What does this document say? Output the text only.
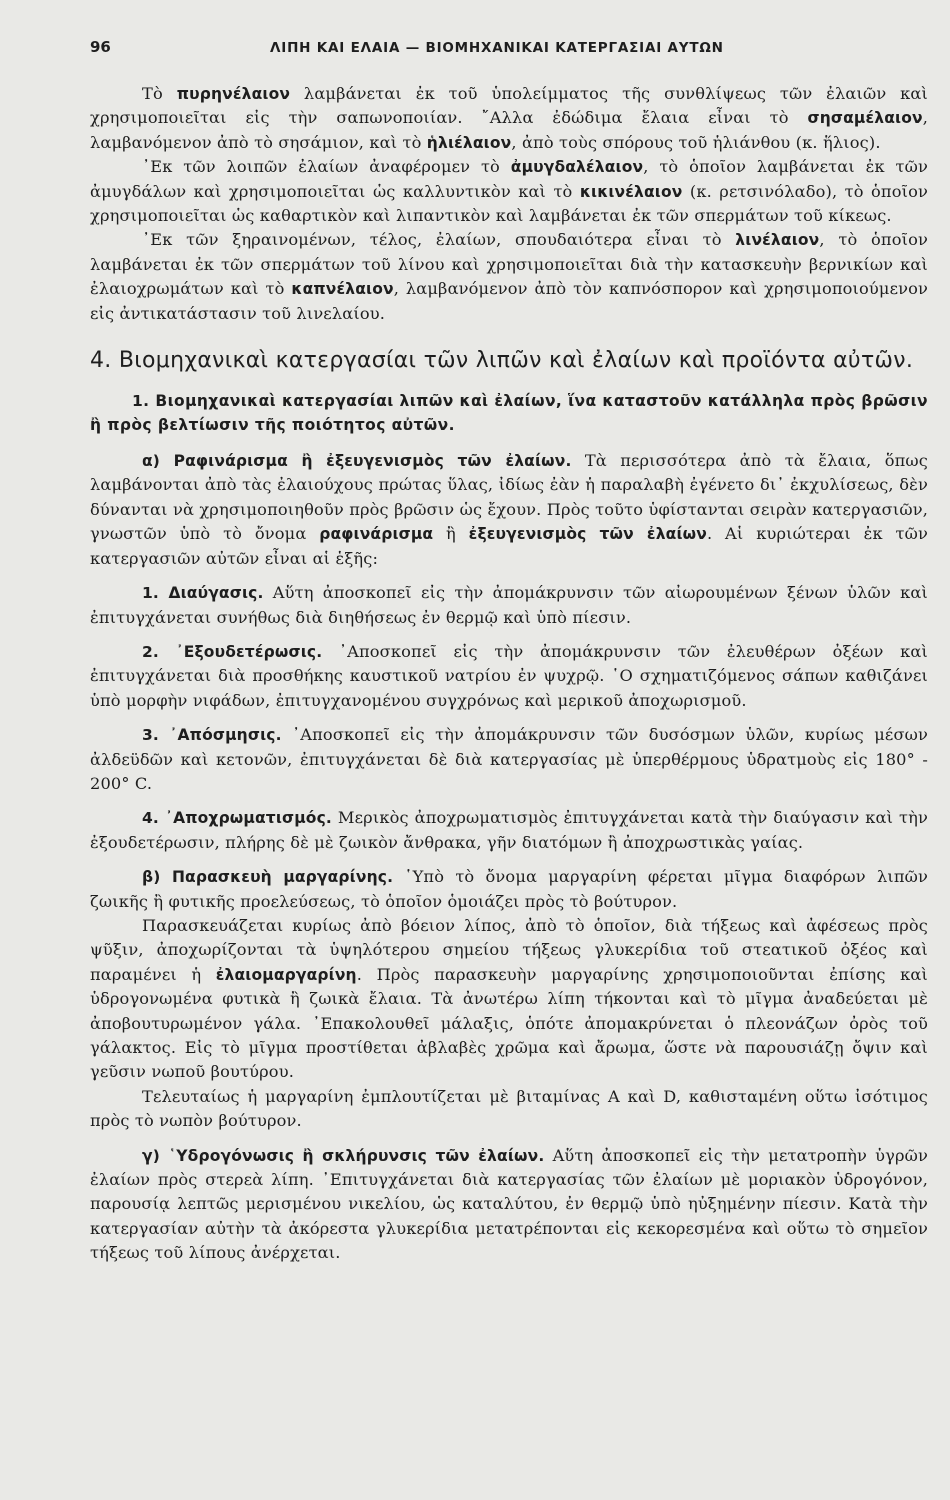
96	ΛΙΠΗ ΚΑΙ ΕΛΑΙΑ — ΒΙΟΜΗΧΑΝΙΚΑΙ ΚΑΤΕΡΓΑΣΙΑΙ ΑΥΤΩΝ

Τὸ πυρηνέλαιον λαμβάνεται ἐκ τοῦ ὑπολείμματος τῆς συνθλίψεως τῶν ἐλαιῶν καὶ χρησιμοποιεῖται εἰς τὴν σαπωνοποιίαν. ῎Αλλα ἐδώδιμα ἔλαια εἶναι τὸ σησαμέλαιον, λαμβανόμενον ἀπὸ τὸ σησάμιον, καὶ τὸ ἡλιέλαιον, ἀπὸ τοὺς σπόρους τοῦ ἡλιάνθου (κ. ἥλιος).

᾿Εκ τῶν λοιπῶν ἐλαίων ἀναφέρομεν τὸ ἀμυγδαλέλαιον, τὸ ὁποῖον λαμβάνεται ἐκ τῶν ἀμυγδάλων καὶ χρησιμοποιεῖται ὡς καλλυντικὸν καὶ τὸ κικινέλαιον (κ. ρετσινόλαδο), τὸ ὁποῖον χρησιμοποιεῖται ὡς καθαρτικὸν καὶ λιπαντικὸν καὶ λαμβάνεται ἐκ τῶν σπερμάτων τοῦ κίκεως.

᾿Εκ τῶν ξηραινομένων, τέλος, ἐλαίων, σπουδαιότερα εἶναι τὸ λινέλαιον, τὸ ὁποῖον λαμβάνεται ἐκ τῶν σπερμάτων τοῦ λίνου καὶ χρησιμοποιεῖται διὰ τὴν κατασκευὴν βερνικίων καὶ ἐλαιοχρωμάτων καὶ τὸ καπνέλαιον, λαμβανόμενον ἀπὸ τὸν καπνόσπορον καὶ χρησιμοποιούμενον εἰς ἀντικατάστασιν τοῦ λινελαίου.

4. Βιομηχανικαὶ κατεργασίαι τῶν λιπῶν καὶ ἐλαίων καὶ προϊόντα αὐτῶν.
1. Βιομηχανικαὶ κατεργασίαι λιπῶν καὶ ἐλαίων, ἵνα καταστοῦν κατάλληλα πρὸς βρῶσιν ἢ πρὸς βελτίωσιν τῆς ποιότητος αὐτῶν.

α) Ραφινάρισμα ἢ ἐξευγενισμὸς τῶν ἐλαίων. Τὰ περισσότερα ἀπὸ τὰ ἔλαια, ὅπως λαμβάνονται ἀπὸ τὰς ἐλαιούχους πρώτας ὕλας, ἰδίως ἐὰν ἡ παραλαβὴ ἐγένετο δι᾿ ἐκχυλίσεως, δὲν δύνανται νὰ χρησιμοποιηθοῦν πρὸς βρῶσιν ὡς ἔχουν. Πρὸς τοῦτο ὑφίστανται σειρὰν κατεργασιῶν, γνωστῶν ὑπὸ τὸ ὄνομα ραφινάρισμα ἢ ἐξευγενισμὸς τῶν ἐλαίων. Αἱ κυριώτεραι ἐκ τῶν κατεργασιῶν αὐτῶν εἶναι αἱ ἑξῆς:

1. Διαύγασις. Αὕτη ἀποσκοπεῖ εἰς τὴν ἀπομάκρυνσιν τῶν αἰωρουμένων ξένων ὑλῶν καὶ ἐπιτυγχάνεται συνήθως διὰ διηθήσεως ἐν θερμῷ καὶ ὑπὸ πίεσιν.

2. ᾿Εξουδετέρωσις. ᾿Αποσκοπεῖ εἰς τὴν ἀπομάκρυνσιν τῶν ἐλευθέρων ὀξέων καὶ ἐπιτυγχάνεται διὰ προσθήκης καυστικοῦ νατρίου ἐν ψυχρῷ. ῾Ο σχηματιζόμενος σάπων καθιζάνει ὑπὸ μορφὴν νιφάδων, ἐπιτυγχανομένου συγχρόνως καὶ μερικοῦ ἀποχωρισμοῦ.

3. ᾿Απόσμησις. ᾿Αποσκοπεῖ εἰς τὴν ἀπομάκρυνσιν τῶν δυσόσμων ὑλῶν, κυρίως μέσων ἀλδεϋδῶν καὶ κετονῶν, ἐπιτυγχάνεται δὲ διὰ κατεργασίας μὲ ὑπερθέρμους ὑδρατμοὺς εἰς 180° - 200° C.

4. ᾿Αποχρωματισμός. Μερικὸς ἀποχρωματισμὸς ἐπιτυγχάνεται κατὰ τὴν διαύγασιν καὶ τὴν ἐξουδετέρωσιν, πλήρης δὲ μὲ ζωικὸν ἄνθρακα, γῆν διατόμων ἢ ἀποχρωστικὰς γαίας.

β) Παρασκευὴ μαργαρίνης. ῾Υπὸ τὸ ὄνομα μαργαρίνη φέρεται μῖγμα διαφόρων λιπῶν ζωικῆς ἢ φυτικῆς προελεύσεως, τὸ ὁποῖον ὁμοιάζει πρὸς τὸ βούτυρον.

Παρασκευάζεται κυρίως ἀπὸ βόειον λίπος, ἀπὸ τὸ ὁποῖον, διὰ τήξεως καὶ ἀφέσεως πρὸς ψῦξιν, ἀποχωρίζονται τὰ ὑψηλότερου σημείου τήξεως γλυκερίδια τοῦ στεατικοῦ ὀξέος καὶ παραμένει ἡ ἐλαιομαργαρίνη. Πρὸς παρασκευὴν μαργαρίνης χρησιμοποιοῦνται ἐπίσης καὶ ὑδρογονωμένα φυτικὰ ἢ ζωικὰ ἔλαια. Τὰ ἀνωτέρω λίπη τήκονται καὶ τὸ μῖγμα ἀναδεύεται μὲ ἀποβουτυρωμένον γάλα. ᾿Επακολουθεῖ μάλαξις, ὁπότε ἀπομακρύνεται ὁ πλεονάζων ὀρὸς τοῦ γάλακτος. Εἰς τὸ μῖγμα προστίθεται ἀβλαβὲς χρῶμα καὶ ἄρωμα, ὥστε νὰ παρουσιάζῃ ὄψιν καὶ γεῦσιν νωποῦ βουτύρου.

Τελευταίως ἡ μαργαρίνη ἐμπλουτίζεται μὲ βιταμίνας A καὶ D, καθισταμένη οὕτω ἰσότιμος πρὸς τὸ νωπὸν βούτυρον.

γ) ῾Υδρογόνωσις ἢ σκλήρυνσις τῶν ἐλαίων. Αὕτη ἀποσκοπεῖ εἰς τὴν μετατροπὴν ὑγρῶν ἐλαίων πρὸς στερεὰ λίπη. ᾿Επιτυγχάνεται διὰ κατεργασίας τῶν ἐλαίων μὲ μοριακὸν ὑδρογόνον, παρουσίᾳ λεπτῶς μερισμένου νικελίου, ὡς καταλύτου, ἐν θερμῷ ὑπὸ ηὐξημένην πίεσιν. Κατὰ τὴν κατεργασίαν αὐτὴν τὰ ἀκόρεστα γλυκερίδια μετατρέπονται εἰς κεκορεσμένα καὶ οὕτω τὸ σημεῖον τήξεως τοῦ λίπους ἀνέρχεται.
